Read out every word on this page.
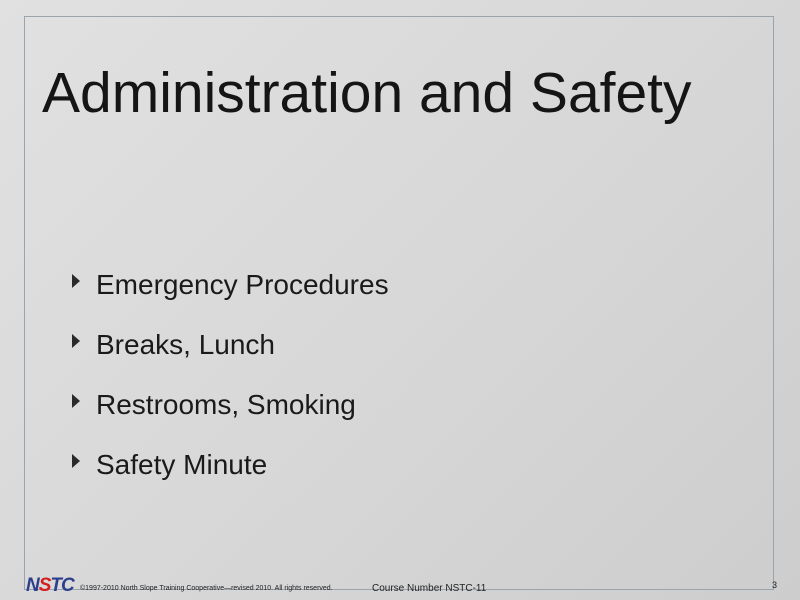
Administration and Safety
Emergency Procedures
Breaks, Lunch
Restrooms, Smoking
Safety Minute
NSTC ©1997-2010 North Slope Training Cooperative—revised 2010. All rights reserved.	Course Number NSTC-11	3
